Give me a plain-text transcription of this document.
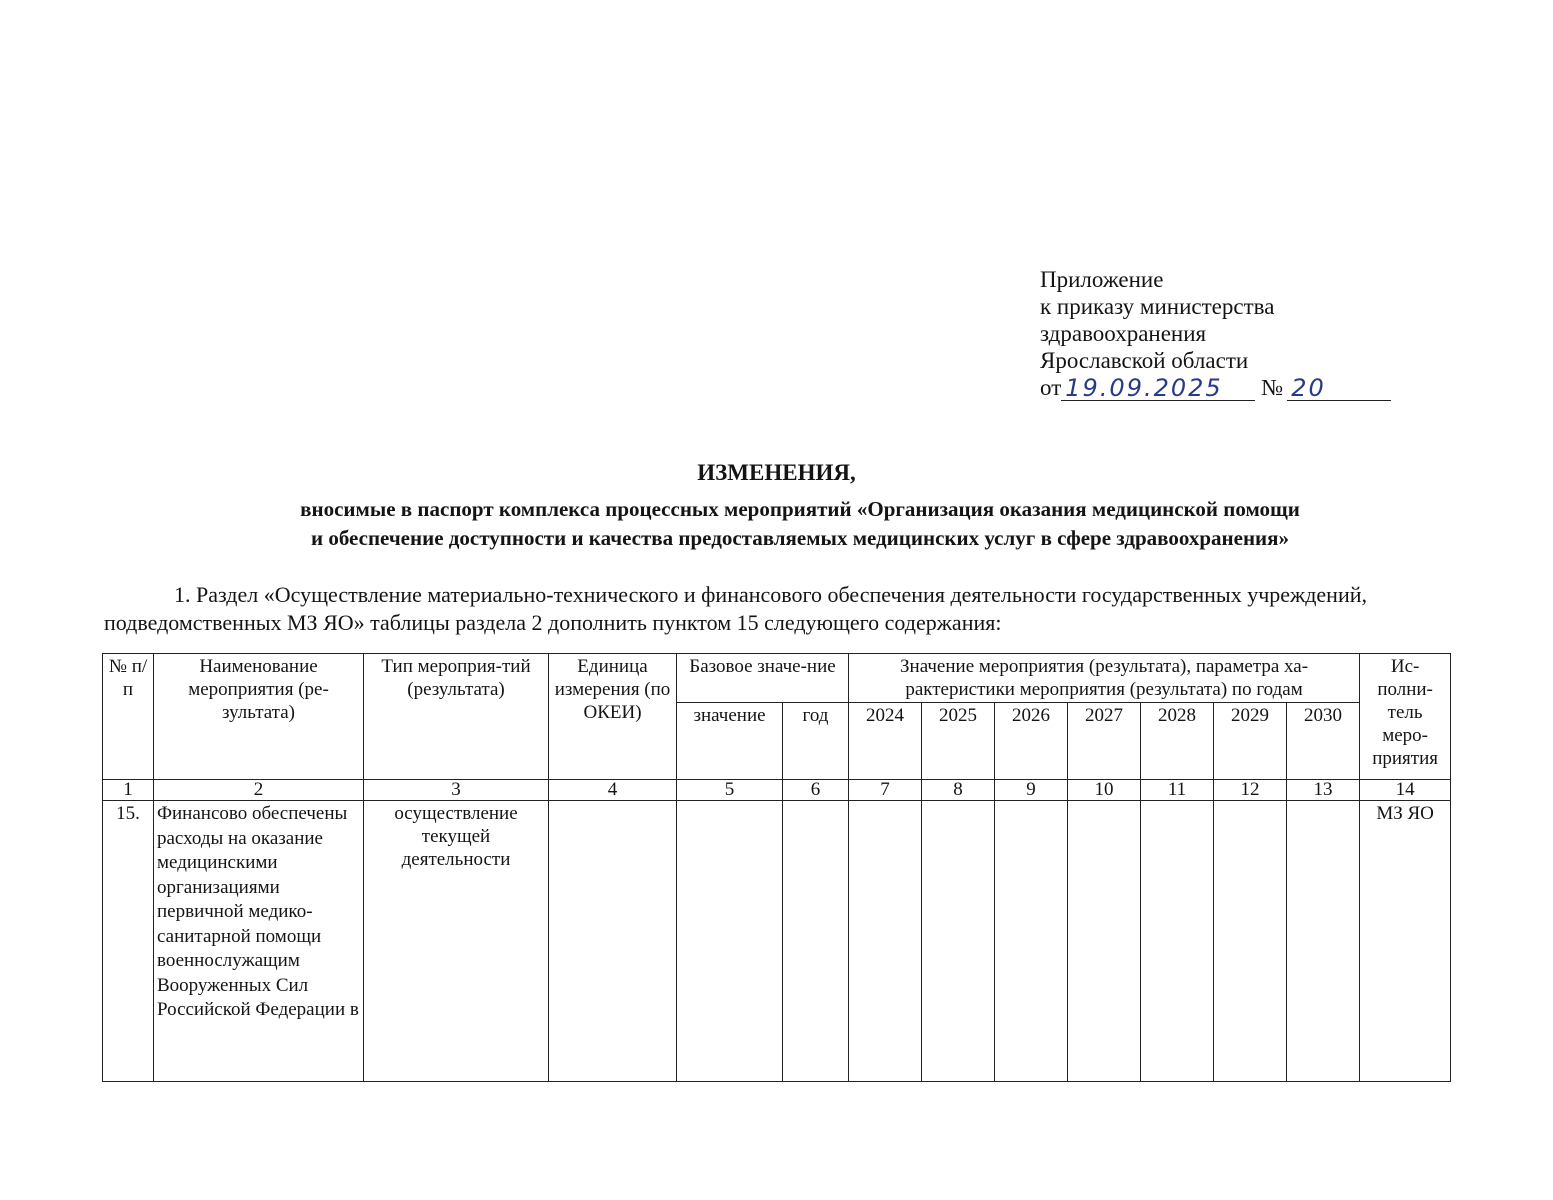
Приложение
к приказу министерства
здравоохранения
Ярославской области
от 19.09.2025	№ 20
ИЗМЕНЕНИЯ,
вносимые в паспорт комплекса процессных мероприятий «Организация оказания медицинской помощи
и обеспечение доступности и качества предоставляемых медицинских услуг в сфере здравоохранения»
1. Раздел «Осуществление материально-технического и финансового обеспечения деятельности государственных учреждений, подведомственных МЗ ЯО» таблицы раздела 2 дополнить пунктом 15 следующего содержания:
№ п/п	Наименование мероприятия (ре-зультата)	Тип мероприя-тий (результата)	Единица измерения (по ОКЕИ)	Базовое значе-ние		Значение мероприятия (результата), параметра ха-рактеристики мероприятия (результата) по годам							Ис-полни-тель меро-приятия
				значение	год	2024	2025	2026	2027	2028	2029	2030	
1	2	3	4	5	6	7	8	9	10	11	12	13	14
15.	Финансово обеспечены расходы на оказание медицинскими организациями первичной медико-санитарной помощи военнослужащим Вооруженных Сил Российской Федерации в	осуществление текущей деятельности											МЗ ЯО
